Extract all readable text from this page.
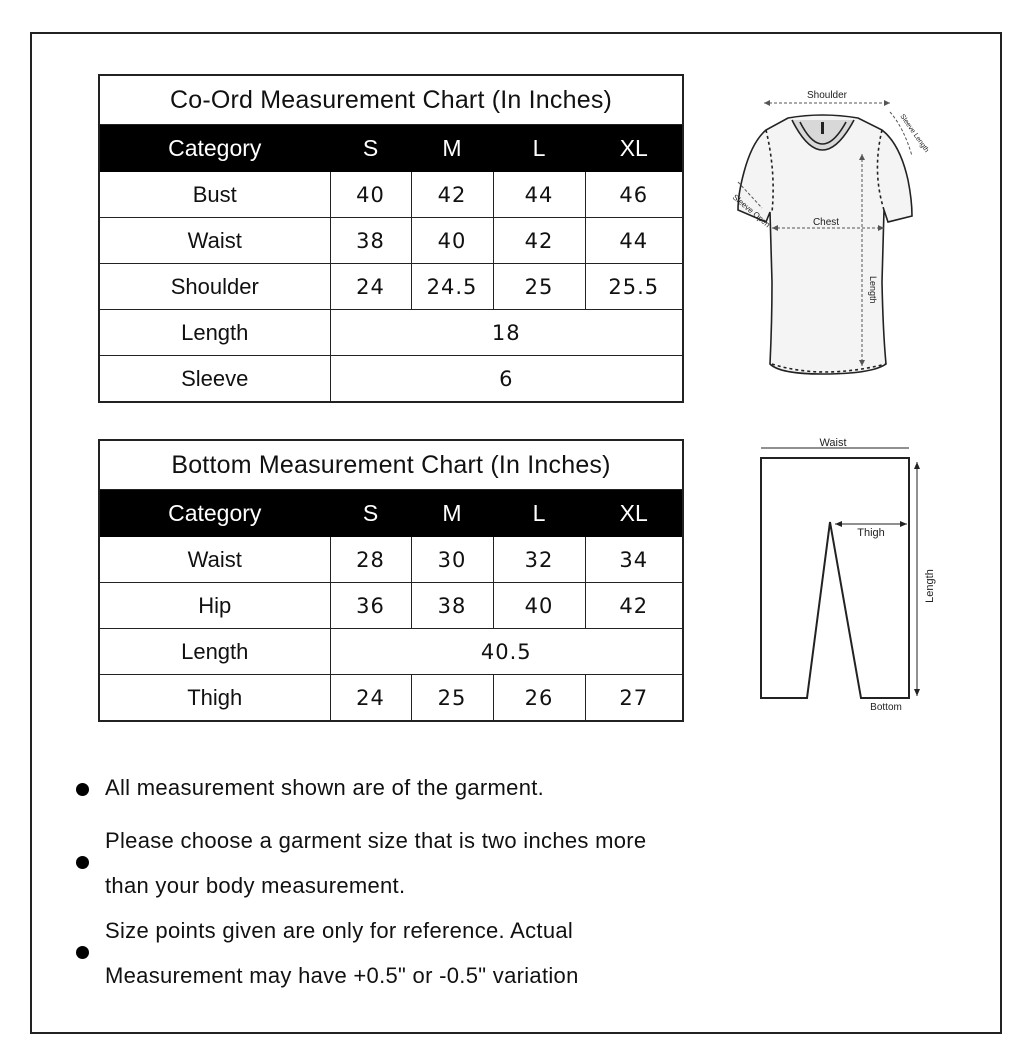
Co-Ord Measurement Chart (In Inches)				
Category	S	M	L	XL
Bust	40	42	44	46
Waist	38	40	42	44
Shoulder	24	24.5	25	25.5
Length	18			
Sleeve	6			
Bottom Measurement Chart (In Inches)				
Category	S	M	L	XL
Waist	28	30	32	34
Hip	36	38	40	42
Length	40.5			
Thigh	24	25	26	27
Shoulder
Chest
Length
Sleeve Length
Sleeve Open
Waist
Thigh
Bottom
Length
All measurement shown are of the garment.
Please choose a garment size that is two inches more
than your body measurement.
Size points given are only for reference. Actual
Measurement may have +0.5" or -0.5" variation
